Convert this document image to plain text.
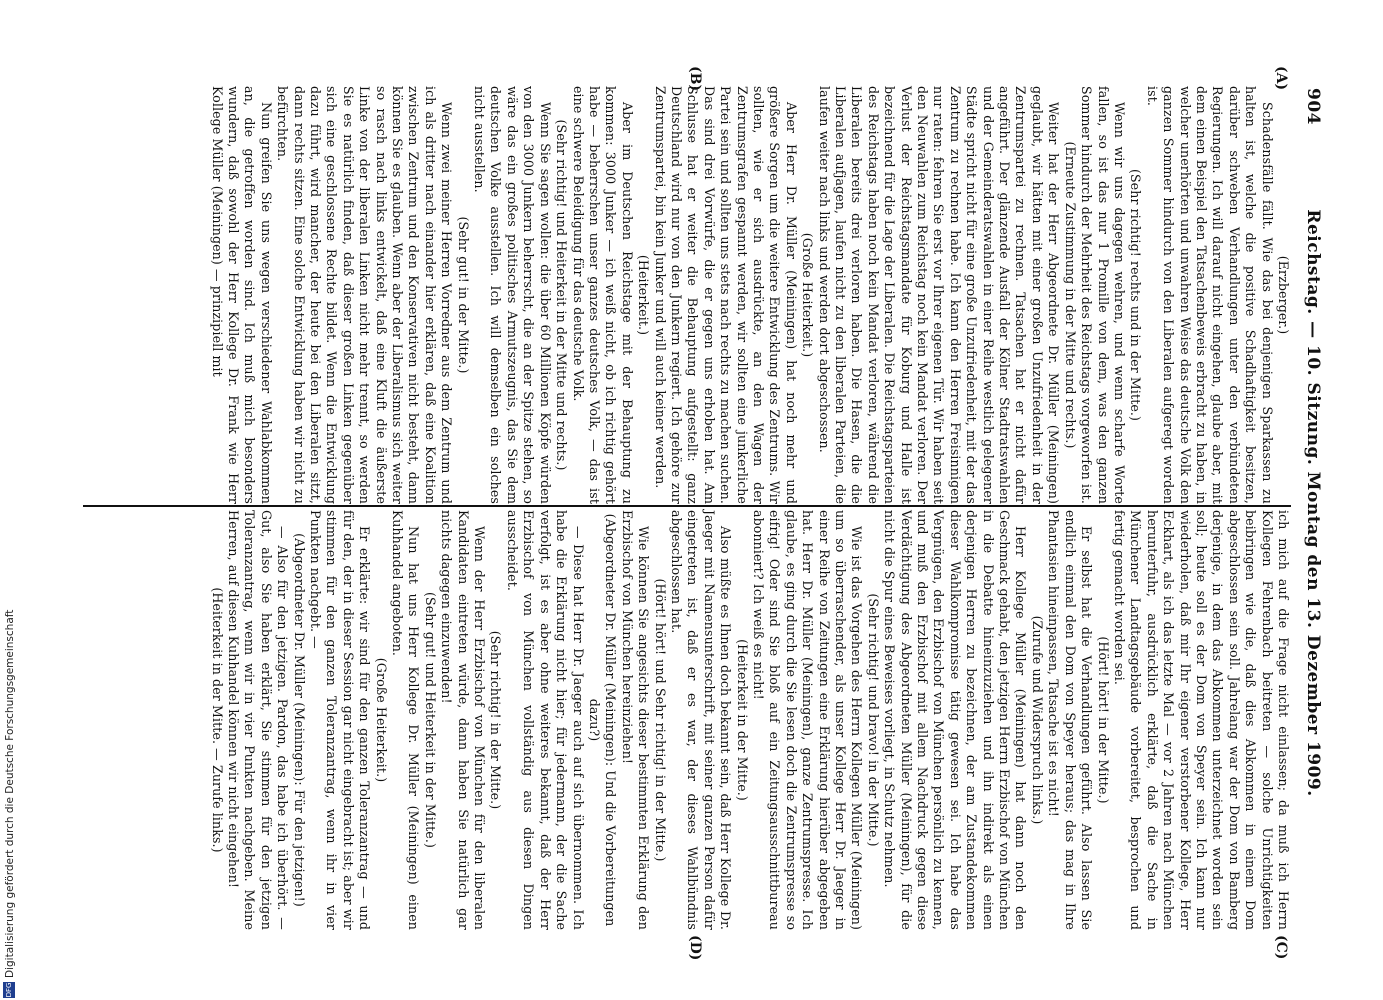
904
Reichstag. — 10. Sitzung. Montag den 13. Dezember 1909.
(A)
(B)
(C)
(D)

(Erzberger.)

Schadensfälle fällt. Wie das bei denjenigen Sparkassen zu halten ist, welche die positive Schadhaftigkeit besitzen, darüber schweben Verhandlungen unter den verbündeten Regierungen. Ich will darauf nicht eingehen, glaube aber, mit dem einen Beispiel den Tatsachenbeweis erbracht zu haben, in welcher unerhörten und unwahren Weise das deutsche Volk den ganzen Sommer hindurch von den Liberalen aufgeregt worden ist.

(Sehr richtig! rechts und in der Mitte.)

Wenn wir uns dagegen wehren, und wenn scharfe Worte fallen, so ist das nur 1 Promille von dem, was den ganzen Sommer hindurch der Mehrheit des Reichstags vorgeworfen ist.

(Erneute Zustimmung in der Mitte und rechts.)

Weiter hat der Herr Abgeordnete Dr. Müller (Meiningen) geglaubt, wir hätten mit einer großen Unzufriedenheit in der Zentrumspartei zu rechnen. Tatsachen hat er nicht dafür angeführt. Der glänzende Ausfall der Kölner Stadtratswahlen und der Gemeinderatswahlen in einer Reihe westlich gelegener Städte spricht nicht für eine große Unzufriedenheit, mit der das Zentrum zu rechnen habe. Ich kann den Herren Freisinnigen nur raten: fehren Sie erst vor Ihrer eigenen Tür. Wir haben seit den Neuwahlen zum Reichstag noch kein Mandat verloren. Der Verlust der Reichstagsmandate für Koburg und Halle ist bezeichnend für die Lage der Liberalen. Die Reichstagsparteien des Reichstags haben noch kein Mandat verloren, während die Liberalen bereits drei verloren haben. Die Hasen, die die Liberalen aufjagen, laufen nicht zu den liberalen Parteien, die laufen weiter nach links und werden dort abgeschossen.

(Große Heiterkeit.)

Aber Herr Dr. Müller (Meiningen) hat noch mehr und größere Sorgen um die weitere Entwicklung des Zentrums. Wir sollten, wie er sich ausdrückte, an den Wagen der Zentrumsgrafen gespannt werden, wir sollten eine junkerliche Partei sein und sollten uns stets nach rechts zu machen suchen. Das sind drei Vorwürfe, die er gegen uns erhoben hat. Am Schlusse hat er weiter die Behauptung aufgestellt: ganz Deutschland wird nur von den Junkern regiert. Ich gehöre zur Zentrumspartei, bin kein Junker und will auch keiner werden.

(Heiterkeit.)

Aber im Deutschen Reichstage mit der Behauptung zu kommen: 3000 Junker — ich weiß nicht, ob ich richtig gehört habe — beherrschen unser ganzes deutsches Volk, — das ist eine schwere Beleidigung für das deutsche Volk.

(Sehr richtig! und Heiterkeit in der Mitte und rechts.)

Wenn Sie sagen wollen: die über 60 Millionen Köpfe würden von den 3000 Junkern beherrscht, die an der Spitze stehen, so wäre das ein großes politisches Armutszeugnis, das Sie dem deutschen Volke ausstellen. Ich will demselben ein solches nicht ausstellen.

(Sehr gut! in der Mitte.)

Wenn zwei meiner Herren Vorredner aus dem Zentrum und ich als dritter nach einander hier erklären, daß eine Koalition zwischen Zentrum und den Konservativen nicht besteht, dann können Sie es glauben. Wenn aber der Liberalismus sich weiter so rasch nach links entwickelt, daß eine Kluft die äußerste Linke von der liberalen Linken nicht mehr trennt, so werden Sie es natürlich finden, daß dieser großen Linken gegenüber sich eine geschlossene Rechte bildet. Wenn die Entwicklung dazu führt, wird mancher, der heute bei den Liberalen sitzt, dann rechts sitzen. Eine solche Entwicklung haben wir nicht zu befürchten.

Nun greifen Sie uns wegen verschiedener Wahlabkommen an, die getroffen worden sind. Ich muß mich besonders wundern, daß sowohl der Herr Kollege Dr. Frank wie Herr Kollege Müller (Meiningen) — prinzipiell mit

ich mich auf die Frage nicht einlassen; da muß ich Herrn Kollegen Fehrenbach beitreten — solche Unrichtigkeiten beibringen wie die, daß dies Abkommen in einem Dom abgeschlossen sein soll. Jahrelang war der Dom von Bamberg derjenige, in dem das Abkommen unterzeichnet worden sein soll; heute soll es der Dom von Speyer sein. Ich kann nur wiederholen, daß mir Ihr eigener verstorbener Kollege, Herr Eckhart, als ich das letzte Mal — vor 2 Jahren nach München herunterfuhr, ausdrücklich erklärte, daß die Sache in Münchener Landtagsgebäude vorbereitet, besprochen und fertig gemacht worden sei.

(Hört! hört! in der Mitte.)

Er selbst hat die Verhandlungen geführt. Also lassen Sie endlich einmal den Dom von Speyer heraus; das mag in Ihre Phantasien hineinpassen, Tatsache ist es nicht!

(Zurufe und Widerspruch links.)

Herr Kollege Müller (Meiningen) hat dann noch den Geschmack gehabt, den jetzigen Herrn Erzbischof von München in die Debatte hineinzuziehen und ihn indirekt als einen derjenigen Herren zu bezeichnen, der am Zustandekommen dieser Wahlkompromisse tätig gewesen sei. Ich habe das Vergnügen, den Erzbischof von München persönlich zu kennen, und muß den Erzbischof mit allem Nachdruck gegen diese Verdächtigung des Abgeordneten Müller (Meiningen), für die nicht die Spur eines Beweises vorliegt, in Schutz nehmen.

(Sehr richtig! und bravo! in der Mitte.)

Wie ist das Vorgehen des Herrn Kollegen Müller (Meiningen) um so überraschender, als unser Kollege Herr Dr. Jaeger in einer Reihe von Zeitungen eine Erklärung hierüber abgegeben hat. Herr Dr. Müller (Meiningen), ganze Zentrumspresse. Ich glaube, es ging durch die Sie lesen doch die Zentrumspresse so eifrig! Oder sind Sie bloß auf ein Zeitungsausschnittbureau abonniert? Ich weiß es nicht!

(Heiterkeit in der Mitte.)

Also müßte es Ihnen doch bekannt sein, daß Herr Kollege Dr. Jaeger mit Namensunterschrift, mit seiner ganzen Person dafür eingetreten ist, daß er es war, der dieses Wahlbündnis abgeschlossen hat.

(Hört! hört! und Sehr richtig! in der Mitte.)

Wie können Sie angesichts dieser bestimmten Erklärung den Erzbischof von München hereinziehen!

(Abgeordneter Dr. Müller (Meiningen): Und die Vorbereitungen dazu?)

— Diese hat Herr Dr. Jaeger auch auf sich übernommen. Ich habe die Erklärung nicht hier; für jedermann, der die Sache verfolgt, ist es aber ohne weiteres bekannt, daß der Herr Erzbischof von München vollständig aus diesen Dingen ausscheidet.

(Sehr richtig! in der Mitte.)

Wenn der Herr Erzbischof von München für den liberalen Kandidaten eintreten würde, dann haben Sie natürlich gar nichts dagegen einzuwenden!

(Sehr gut! und Heiterkeit in der Mitte.)

Nun hat uns Herr Kollege Dr. Müller (Meiningen) einen Kuhhandel angeboten.

(Große Heiterkeit.)

Er erklärte: wir sind für den ganzen Toleranzantrag — und für den, der in dieser Session gar nicht eingebracht ist; aber wir stimmen für den ganzen Toleranzantrag, wenn ihr in vier Punkten nachgebt. —

(Abgeordneter Dr. Müller (Meiningen): Für den jetzigen!)

— Also für den jetzigen. Pardon, das habe ich überhört. — Gut, also Sie haben erklärt, Sie stimmen für den jetzigen Toleranzantrag, wenn wir in vier Punkten nachgeben. Meine Herren, auf diesen Kuhhandel können wir nicht eingehen!

(Heiterkeit in der Mitte. — Zurufe links.)

DFG
Digitalisierung gefördert durch die Deutsche Forschungsgemeinschaft
